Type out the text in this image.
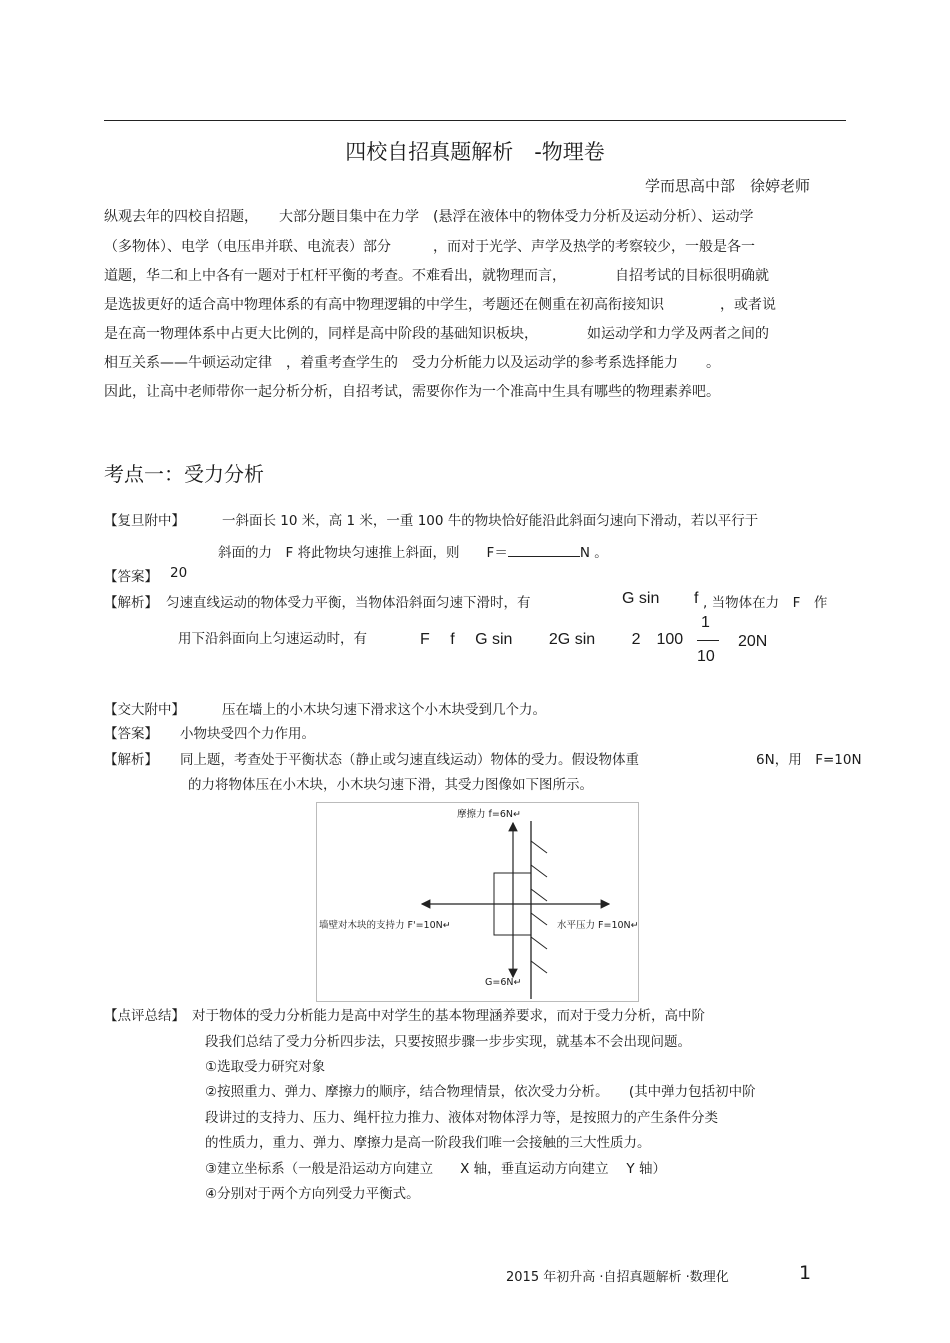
四校自招真题解析　-物理卷
学而思高中部　徐婷老师
纵观去年的四校自招题，　　大部分题目集中在力学　(悬浮在液体中的物体受力分析及运动分析）、运动学
（多物体）、电学（电压串并联、电流表）部分　　　，而对于光学、声学及热学的考察较少，一般是各一
道题，华二和上中各有一题对于杠杆平衡的考查。不难看出，就物理而言，　　　　自招考试的目标很明确就
是选拔更好的适合高中物理体系的有高中物理逻辑的中学生，考题还在侧重在初高衔接知识　　　　，或者说
是在高一物理体系中占更大比例的，同样是高中阶段的基础知识板块，　　　　如运动学和力学及两者之间的
相互关系——牛顿运动定律　，着重考查学生的　受力分析能力以及运动学的参考系选择能力　　。
因此，让高中老师带你一起分析分析，自招考试，需要你作为一个准高中生具有哪些的物理素养吧。
考点一：受力分析
【复旦附中】	一斜面长 10 米，高 1 米，一重 100 牛的物块恰好能沿此斜面匀速向下滑动，若以平行于
斜面的力　F 将此物块匀速推上斜面，则　　F＝	N 。
【答案】 20
【解析】 匀速直线运动的物体受力平衡，当物体沿斜面匀速下滑时，有	G sin f , 当物体在力　F　作
用下沿斜面向上匀速运动时，有	F　 f　 G sin　　 2G sin　　 2　100
1
10
20N
【交大附中】	压在墙上的小木块匀速下滑求这个小木块受到几个力。
【答案】 小物块受四个力作用。
【解析】 同上题，考查处于平衡状态（静止或匀速直线运动）物体的受力。假设物体重	6N，用　F=10N
的力将物体压在小木块，小木块匀速下滑，其受力图像如下图所示。
摩擦力 f=6N↵
墙壁对木块的支持力 F'=10N↵	水平压力 F=10N↵
G=6N↵
【点评总结】 对于物体的受力分析能力是高中对学生的基本物理涵养要求，而对于受力分析，高中阶
段我们总结了受力分析四步法，只要按照步骤一步步实现，就基本不会出现问题。
①选取受力研究对象
②按照重力、弹力、摩擦力的顺序，结合物理情景，依次受力分析。　　(其中弹力包括初中阶
段讲过的支持力、压力、绳杆拉力推力、液体对物体浮力等，是按照力的产生条件分类
的性质力，重力、弹力、摩擦力是高一阶段我们唯一会接触的三大性质力。
③建立坐标系（一般是沿运动方向建立　　X 轴，垂直运动方向建立　 Y 轴）
④分别对于两个方向列受力平衡式。
2015 年初升高 ·自招真题解析 ·数理化	1
